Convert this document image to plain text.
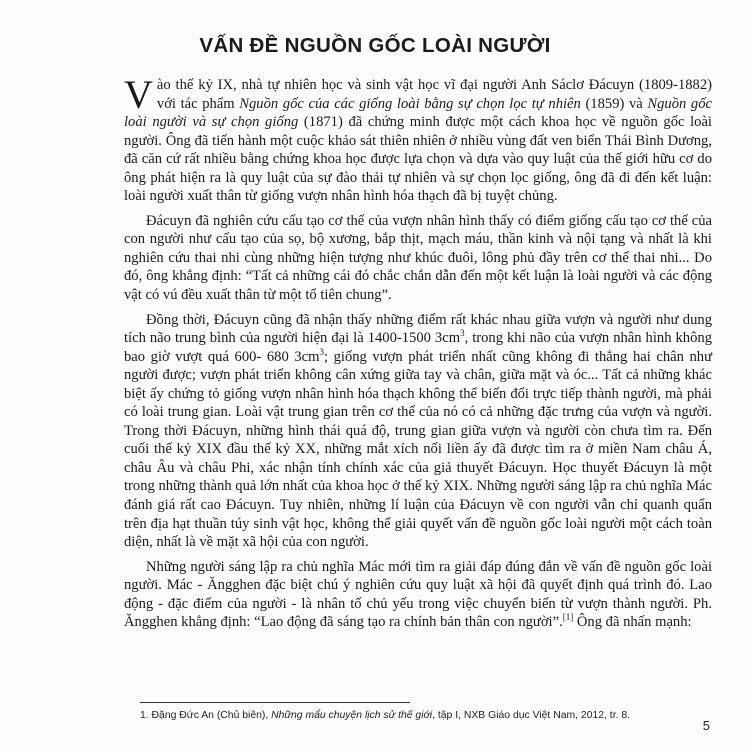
VẤN ĐỀ NGUỒN GỐC LOÀI NGƯỜI

Vào thế kỷ IX, nhà tự nhiên học và sinh vật học vĩ đại người Anh Sáclơ Đácuyn (1809-1882) với tác phẩm Nguồn gốc của các giống loài bằng sự chọn lọc tự nhiên (1859) và Nguồn gốc loài người và sự chọn giống (1871) đã chứng minh được một cách khoa học về nguồn gốc loài người. Ông đã tiến hành một cuộc khảo sát thiên nhiên ở nhiều vùng đất ven biển Thái Bình Dương, đã căn cứ rất nhiều bằng chứng khoa học được lựa chọn và dựa vào quy luật của thế giới hữu cơ do ông phát hiện ra là quy luật của sự đào thải tự nhiên và sự chọn lọc giống, ông đã đi đến kết luận: loài người xuất thân từ giống vượn nhân hình hóa thạch đã bị tuyệt chủng.

Đácuyn đã nghiên cứu cấu tạo cơ thể của vượn nhân hình thấy có điểm giống cấu tạo cơ thể của con người như cấu tạo của sọ, bộ xương, bắp thịt, mạch máu, thần kinh và nội tạng và nhất là khi nghiên cứu thai nhi cùng những hiện tượng như khúc đuôi, lông phủ đầy trên cơ thể thai nhi... Do đó, ông khẳng định: “Tất cả những cái đó chắc chắn dẫn đến một kết luận là loài người và các động vật có vú đều xuất thân từ một tổ tiên chung”.

Đồng thời, Đácuyn cũng đã nhận thấy những điểm rất khác nhau giữa vượn và người như dung tích não trung bình của người hiện đại là 1400-1500 $3cm^3$, trong khi não của vượn nhân hình không bao giờ vượt quá 600- 680 $3cm^3$; giống vượn phát triển nhất cũng không đi thẳng hai chân như người được; vượn phát triển không cân xứng giữa tay và chân, giữa mặt và óc... Tất cả những khác biệt ấy chứng tỏ giống vượn nhân hình hóa thạch không thể biến đổi trực tiếp thành người, mà phải có loài trung gian. Loài vật trung gian trên cơ thể của nó có cả những đặc trưng của vượn và người. Trong thời Đácuyn, những hình thái quá độ, trung gian giữa vượn và người còn chưa tìm ra. Đến cuối thế kỷ XIX đầu thế kỷ XX, những mắt xích nối liền ấy đã được tìm ra ở miền Nam châu Á, châu Âu và châu Phi, xác nhận tính chính xác của giả thuyết Đácuyn. Học thuyết Đácuyn là một trong những thành quả lớn nhất của khoa học ở thế kỷ XIX. Những người sáng lập ra chủ nghĩa Mác đánh giá rất cao Đácuyn. Tuy nhiên, những lí luận của Đácuyn về con người vẫn chỉ quanh quẩn trên địa hạt thuần túy sinh vật học, không thể giải quyết vấn đề nguồn gốc loài người một cách toàn diện, nhất là về mặt xã hội của con người.

Những người sáng lập ra chủ nghĩa Mác mới tìm ra giải đáp đúng đắn về vấn đề nguồn gốc loài người. Mác - Ăngghen đặc biệt chú ý nghiên cứu quy luật xã hội đã quyết định quá trình đó. Lao động - đặc điểm của người - là nhân tố chủ yếu trong việc chuyển biến từ vượn thành người. Ph. Ăngghen khẳng định: “Lao động đã sáng tạo ra chính bản thân con người”.[1] Ông đã nhấn mạnh:

1. Đặng Đức An (Chủ biên), Những mẩu chuyện lịch sử thế giới, tập I, NXB Giáo dục Việt Nam, 2012, tr. 8.
5
